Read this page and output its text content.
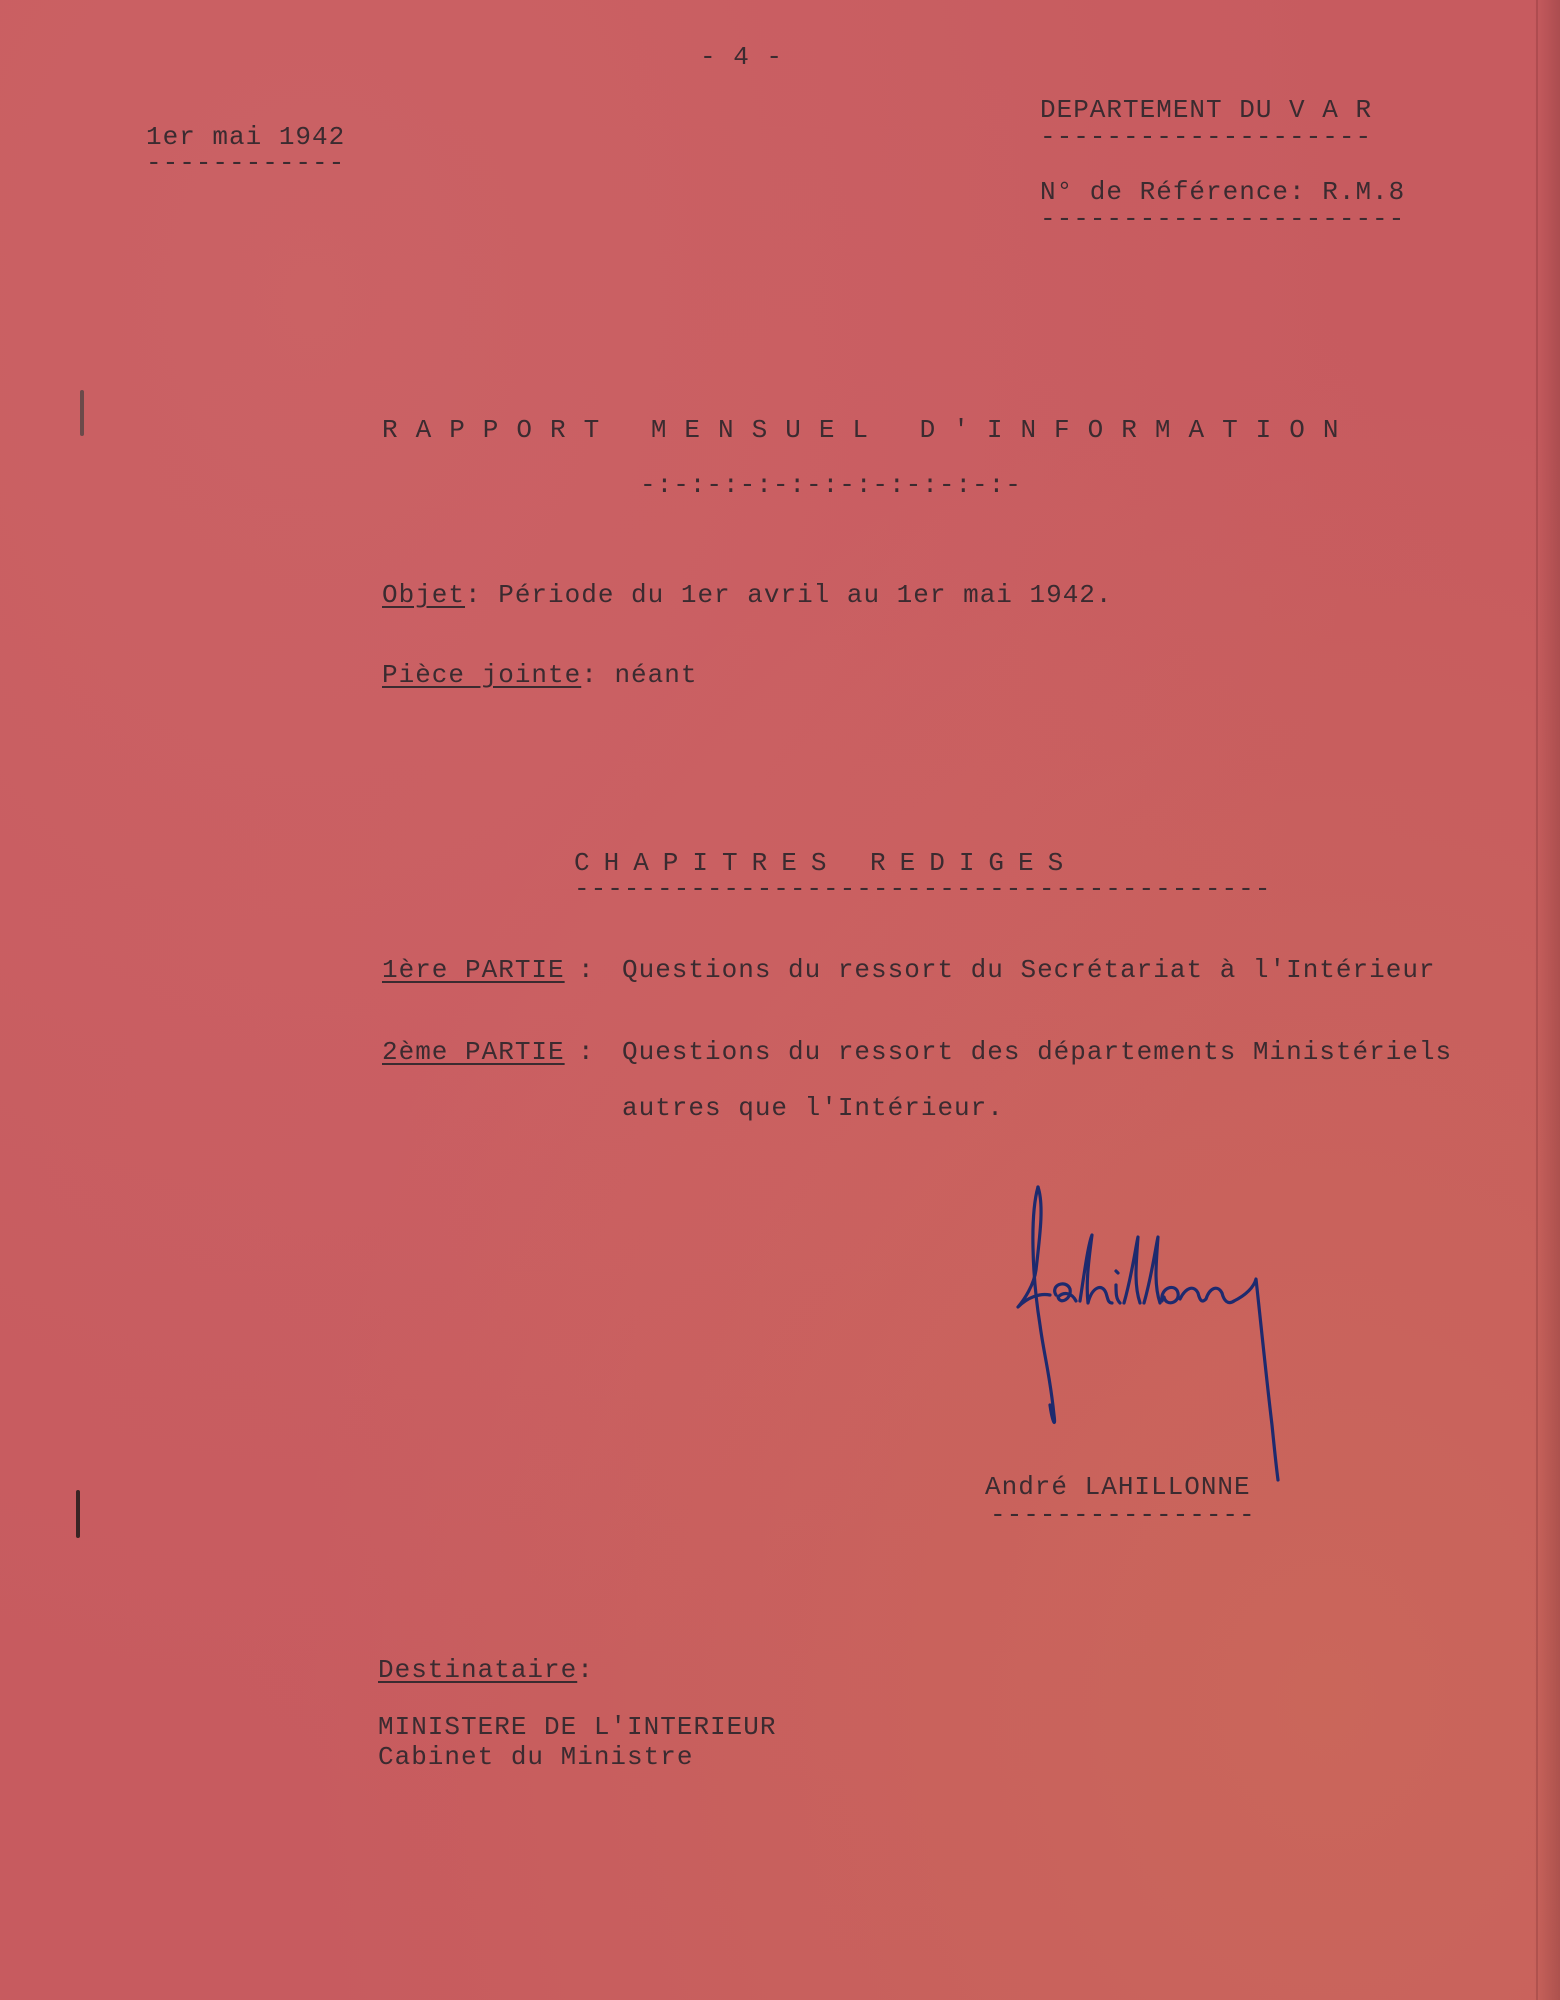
- 4 -
1er mai 1942
------------
DEPARTEMENT DU V A R
--------------------
N° de Référence: R.M.8
----------------------
RAPPORT MENSUEL D'INFORMATION
-:-:-:-:-:-:-:-:-:-:-:-
Objet: Période du 1er avril au 1er mai 1942.
Pièce jointe: néant
CHAPITRES REDIGES
------------------------------------------
1ère PARTIE : Questions du ressort du Secrétariat à l'Intérieur
2ème PARTIE : Questions du ressort des départements Ministériels
autres que l'Intérieur.
André LAHILLONNE
----------------
Destinataire:
MINISTERE DE L'INTERIEUR
Cabinet du Ministre
